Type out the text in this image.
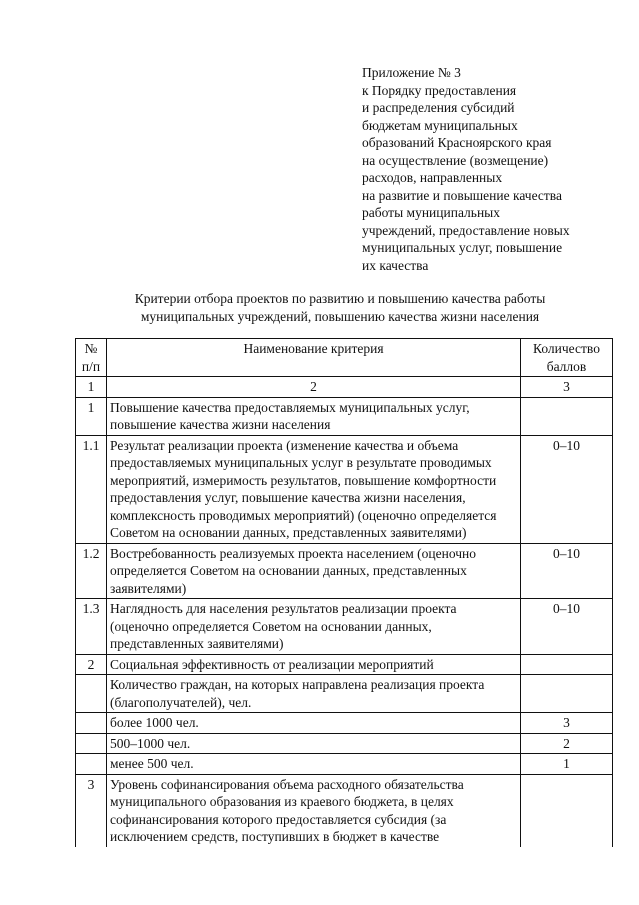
Приложение № 3
к Порядку предоставления
и распределения субсидий
бюджетам муниципальных
образований Красноярского края
на осуществление (возмещение)
расходов, направленных
на развитие и повышение качества
работы муниципальных
учреждений, предоставление новых
муниципальных услуг, повышение
их качества
Критерии отбора проектов по развитию и повышению качества работы
муниципальных учреждений, повышению качества жизни населения
№ п/п	Наименование критерия	Количество баллов
1	2	3
1	Повышение качества предоставляемых муниципальных услуг, повышение качества жизни населения	
1.1	Результат реализации проекта (изменение качества и объема предоставляемых муниципальных услуг в результате проводимых мероприятий, измеримость результатов, повышение комфортности предоставления услуг, повышение качества жизни населения, комплексность проводимых мероприятий) (оценочно определяется Советом на основании данных, представленных заявителями)	0–10
1.2	Востребованность реализуемых проекта населением (оценочно определяется Советом на основании данных, представленных заявителями)	0–10
1.3	Наглядность для населения результатов реализации проекта (оценочно определяется Советом на основании данных, представленных заявителями)	0–10
2	Социальная эффективность от реализации мероприятий	
	Количество граждан, на которых направлена реализация проекта (благополучателей), чел.	
	более 1000 чел.	3
	500–1000 чел.	2
	менее 500 чел.	1
3	Уровень софинансирования объема расходного обязательства муниципального образования из краевого бюджета, в целях софинансирования которого предоставляется субсидия (за исключением средств, поступивших в бюджет в качестве	
